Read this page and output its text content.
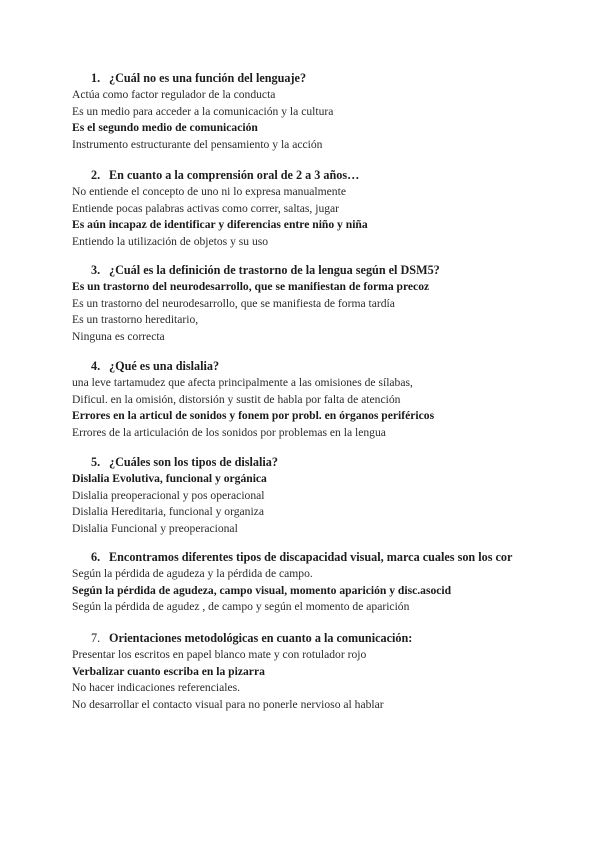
1. ¿Cuál no es una función del lenguaje?
Actúa como factor regulador de la conducta
Es un medio para acceder a la comunicación y la cultura
Es el segundo medio de comunicación
Instrumento estructurante del pensamiento y la acción
2. En cuanto a la comprensión oral de 2 a 3 años…
No entiende el concepto de uno ni lo expresa manualmente
Entiende pocas palabras activas como correr, saltas, jugar
Es aún incapaz de identificar y diferencias entre niño y niña
Entiendo la utilización de objetos y su uso
3. ¿Cuál es la definición de trastorno de la lengua según el DSM5?
Es un trastorno del neurodesarrollo, que se manifiestan de forma precoz
Es un trastorno del neurodesarrollo, que se manifiesta de forma tardía
Es un trastorno hereditario,
Ninguna es correcta
4. ¿Qué es una dislalia?
una leve tartamudez que afecta principalmente a las omisiones de sílabas,
Dificul. en la omisión, distorsión y sustit de habla por falta de atención
Errores en la articul de sonidos y fonem por probl. en órganos periféricos
Errores de la articulación de los sonidos por problemas en la lengua
5. ¿Cuáles son los tipos de dislalia?
Dislalia Evolutiva, funcional y orgánica
Dislalia preoperacional y pos operacional
Dislalia Hereditaria, funcional y organiza
Dislalia Funcional y preoperacional
6. Encontramos diferentes tipos de discapacidad visual, marca cuales son los cor
Según la pérdida de agudeza y la pérdida de campo.
Según la pérdida de agudeza, campo visual, momento aparición y disc.asocid
Según la pérdida de agudez , de campo y según el momento de aparición
7. Orientaciones metodológicas en cuanto a la comunicación:
Presentar los escritos en papel blanco mate y con rotulador rojo
Verbalizar cuanto escriba en la pizarra
No hacer indicaciones referenciales.
No desarrollar el contacto visual para no ponerle nervioso al hablar
